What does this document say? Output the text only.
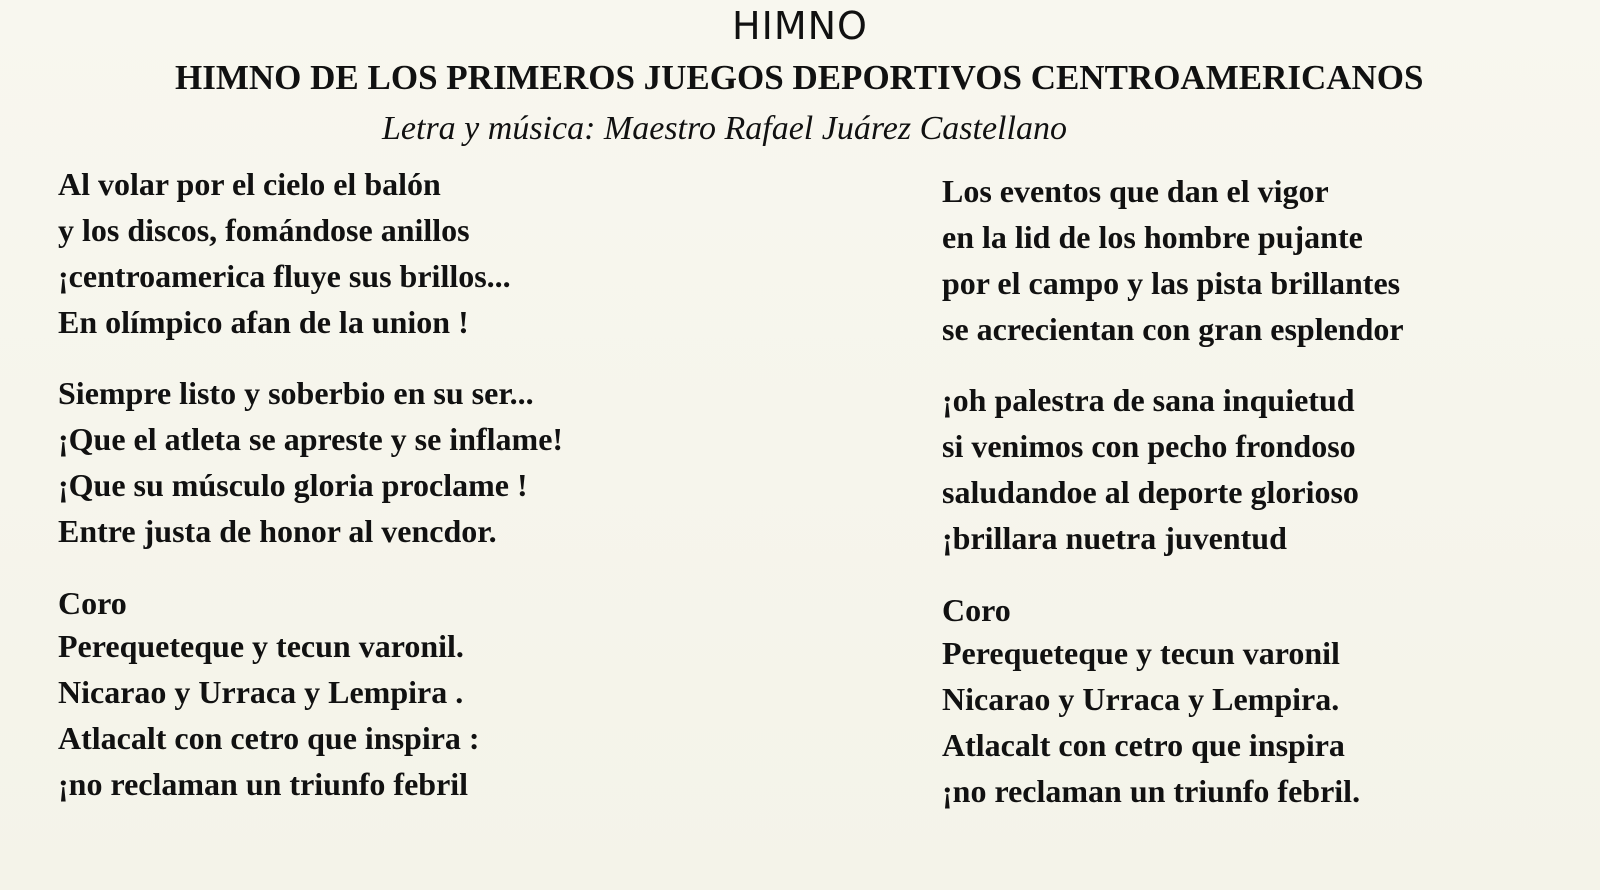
HIMNO
HIMNO DE LOS PRIMEROS JUEGOS DEPORTIVOS CENTROAMERICANOS
Letra y música: Maestro Rafael Juárez Castellano
Al volar por el cielo el balón
y los discos, fomándose anillos
¡centroamerica fluye sus brillos...
En olímpico afan de la union !
Siempre listo y soberbio en su ser...
¡Que el atleta se apreste y se inflame!
¡Que su músculo gloria proclame !
Entre justa de honor al vencdor.
Coro
Perequeteque y tecun varonil.
Nicarao y Urraca y Lempira .
Atlacalt con cetro que inspira :
¡no reclaman un triunfo febril
Los eventos que dan el vigor
en la lid de los hombre pujante
por el campo y las pista brillantes
se acrecientan con gran esplendor
¡oh palestra de sana inquietud
si venimos con pecho frondoso
saludandoe al deporte glorioso
¡brillara nuetra juventud
Coro
Perequeteque y tecun varonil
Nicarao y Urraca y Lempira.
Atlacalt con cetro que inspira
¡no reclaman un triunfo febril.
